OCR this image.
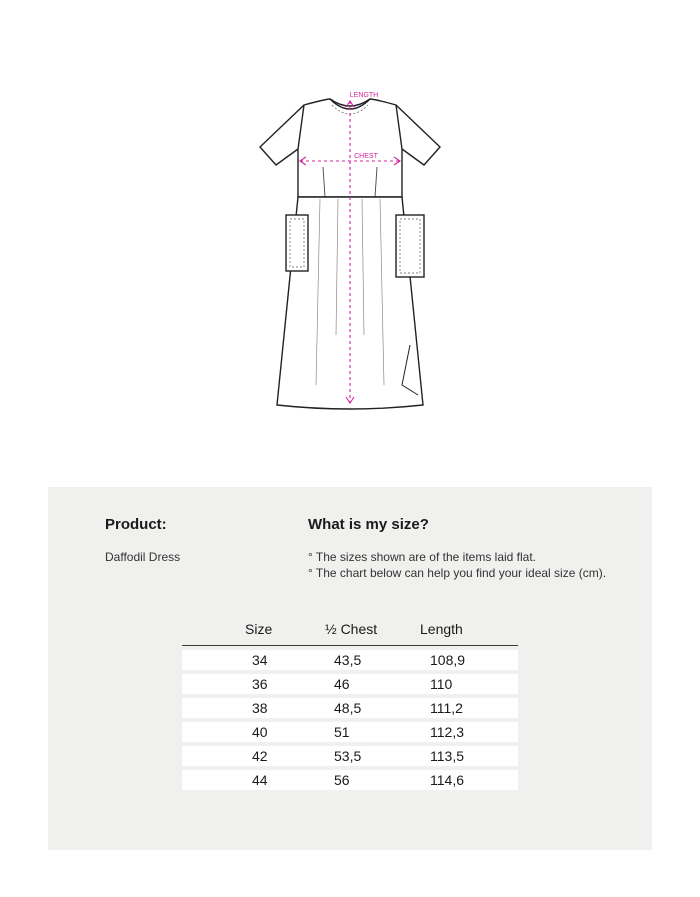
LENGTH
CHEST
Product:
Daffodil Dress
What is my size?
° The sizes shown are of the items laid flat.
° The chart below can help you find your ideal size (cm).
Size	½ Chest	Length
34	43,5	108,9
36	46	110
38	48,5	111,2
40	51	112,3
42	53,5	113,5
44	56	114,6
